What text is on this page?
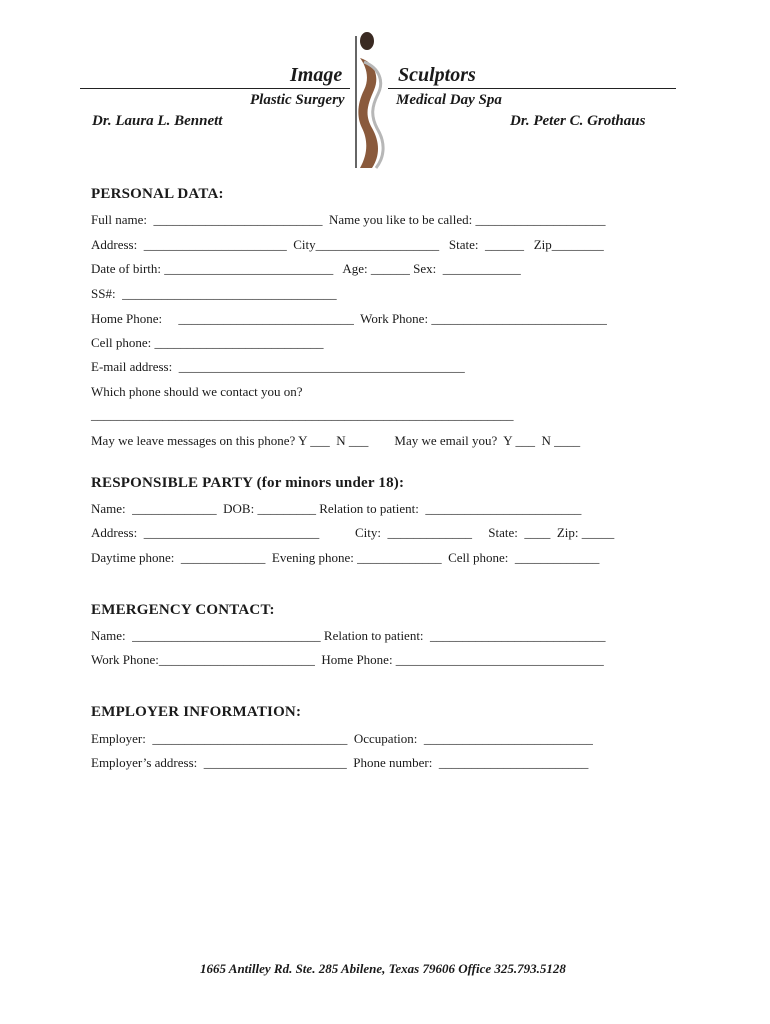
Image	Sculptors
Plastic Surgery	Medical Day Spa
Dr. Laura L. Bennett	Dr. Peter C. Grothaus
PERSONAL DATA:
Full name:  __________________________  Name you like to be called: ____________________
Address:  ______________________  City___________________   State:  ______   Zip________
Date of birth: __________________________   Age: ______ Sex:  ____________
SS#:  _________________________________
Home Phone:     ___________________________  Work Phone: ___________________________
Cell phone: __________________________
E-mail address:  ____________________________________________
Which phone should we contact you on?
_________________________________________________________________
May we leave messages on this phone? Y ___  N ___        May we email you?  Y ___  N ____
RESPONSIBLE PARTY (for minors under 18):
Name:  _____________  DOB: _________ Relation to patient:  ________________________
Address:  ___________________________           City:  _____________     State:  ____  Zip: _____
Daytime phone:  _____________  Evening phone: _____________  Cell phone:  _____________
EMERGENCY CONTACT:
Name:  _____________________________ Relation to patient:  ___________________________
Work Phone:________________________  Home Phone: ________________________________
EMPLOYER INFORMATION:
Employer:  ______________________________  Occupation:  __________________________
Employer’s address:  ______________________  Phone number:  _______________________
1665 Antilley Rd. Ste. 285 Abilene, Texas 79606 Office 325.793.5128
